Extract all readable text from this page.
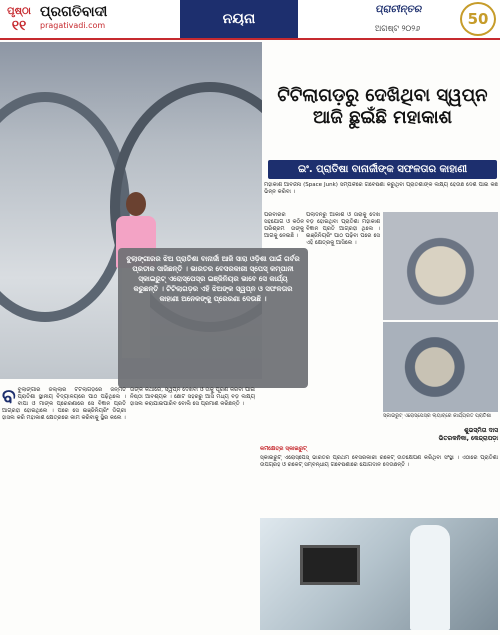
ପୃଷ୍ଠା
୧୧
ପ୍ରଗତିବାଦୀ
pragativadi.com	ନୟନା
ପ୍ରାଚୀନ୍ତର
ଅଗଷ୍ଟ ୨୦୨୬
50
ବୁଲାଙ୍ଗୀରର ଝିଅ ପ୍ରାତିଶା ବାନାର୍ଜୀ ଆଜି ସାରା ଓଡ଼ିଶା ପାଇଁ ଗର୍ବର ପ୍ରତୀକ ସାଜିଛନ୍ତି । ଭାରତର ବେସରକାରୀ ସ୍ପେସ୍ କମ୍ପାନୀ ସ୍କାଇରୁଟ୍ ଏରୋସ୍ପେସ୍‌ର ଇଞ୍ଜିନିୟର ଭାବେ ସେ କାର୍ଯ୍ୟ କରୁଛନ୍ତି । ଟିଟିଲାଗଡ଼ର ଏହି ଝିଅଙ୍କ ସ୍ୱପ୍ନ ଓ ସଫଳତାର କାହାଣୀ ଅନେକଙ୍କୁ ପ୍ରେରଣା ଦେଉଛି ।
ଟିଟିଲାଗଡ଼ରୁ ଦେଖିଥିବା ସ୍ୱପ୍ନ ଆଜି ଛୁଇଁଛି ମହାକାଶ
ଇଂ. ପ୍ରାତିଷା ବାନାର୍ଜୀଙ୍କ ସଫଳତାର କାହାଣୀ

ମହାକାଶ ଆବର୍ଜନା (Space Junk) ସମ୍ପର୍କରେ ଗବେଷଣା କରୁଥିବା ପ୍ରାତିଶାଙ୍କ ଲକ୍ଷ୍ୟ ହେଉଛି ଦେଶ ପାଇଁ କିଛି ଭିନ୍ନ କରିବା ।

ପରିବାରର ସହଯୋଗ ଓ କଠିନ ପରିଶ୍ରମ ତାଙ୍କୁ ଆଗକୁ ନେଇଛି ।

ପିଲାଦିନରୁ ଆକାଶ ଓ ତାରାକୁ ଦେଖି ବଡ଼ ହୋଇଥିବା ପ୍ରାତିଶା ମହାକାଶ ବିଜ୍ଞାନ ପ୍ରତି ଆଗ୍ରହୀ ଥିଲେ । ଇଞ୍ଜିନିୟରିଂ ପାଠ ପଢ଼ିବା ପରେ ସେ ଏହି କ୍ଷେତ୍ରକୁ ଆସିଲେ ।

ସ୍କାଇରୁଟ୍ ଏରୋସ୍ପେସ୍‌ର ଲ୍ୟାବ୍‌ରେ କାର୍ଯ୍ୟରତ ପ୍ରାତିଶା
ଶୁଭସ୍ମିତା ଦାସ
ଭିତରକନିକା, କେନ୍ଦ୍ରାପଡ଼ା
ବ ବୁଲାଙ୍ଗୀର ଜିଲ୍ଲାର ଟିଟିଲାଗଡ଼ରେ ଜନ୍ମିତ ପ୍ରାତିଶା ସ୍ଥାନୀୟ ବିଦ୍ୟାଳୟରେ ପାଠ ପଢ଼ିଥିଲେ । ବାପା ଓ ମାଙ୍କ ପ୍ରେରଣାରେ ସେ ବିଜ୍ଞାନ ପ୍ରତି ଆଗ୍ରହୀ ହୋଇଥିଲେ । ପରେ ସେ ଇଞ୍ଜିନିୟରିଂ ଡିଗ୍ରୀ ହାସଲ କରି ମହାକାଶ କ୍ଷେତ୍ରରେ କାମ କରିବାକୁ ସ୍ଥିର କଲେ ।

ତାଙ୍କ କଥାରେ, ସ୍ୱପ୍ନ ଦେଖିବା ଓ ତାକୁ ପୂରଣ କରିବା ପାଇଁ ନିଷ୍ଠା ଆବଶ୍ୟକ । ଛୋଟ ସହରରୁ ଆସି ମଧ୍ୟ ବଡ଼ ଲକ୍ଷ୍ୟ ହାସଲ କରାଯାଇପାରିବ ବୋଲି ସେ ପ୍ରମାଣ କରିଛନ୍ତି ।

କର୍ମକ୍ଷେତ୍ର ସ୍କାଇରୁଟ୍

ସ୍କାଇରୁଟ୍ ଏରୋସ୍ପେସ୍ ଭାରତର ପ୍ରଥମ ବେସରକାରୀ ରକେଟ୍ ଉତକ୍ଷେପଣ କରିଥିବା ସଂସ୍ଥା । ଏଠାରେ ପ୍ରାତିଶା ଉପଗ୍ରହ ଓ ରକେଟ୍ ସମ୍ବନ୍ଧୀୟ ଗବେଷଣାରେ ଯୋଗଦାନ ଦେଉଛନ୍ତି ।
